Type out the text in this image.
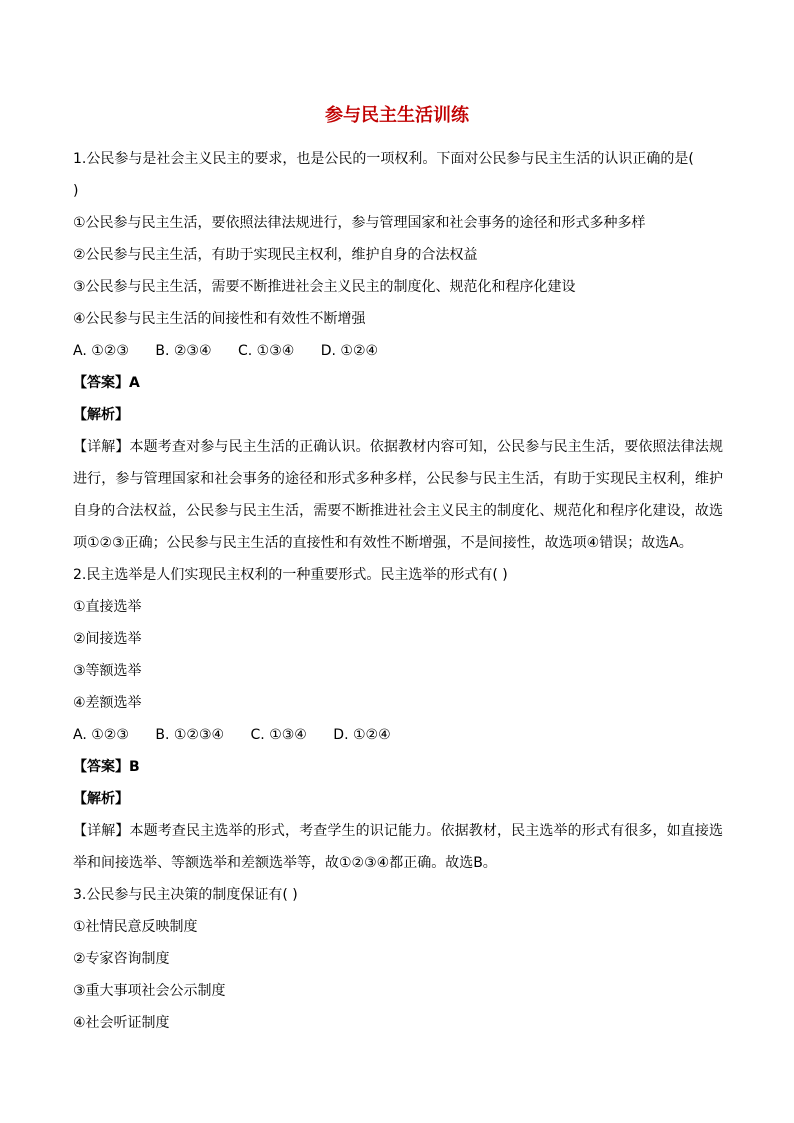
参与民主生活训练
1.公民参与是社会主义民主的要求，也是公民的一项权利。下面对公民参与民主生活的认识正确的是(
)
①公民参与民主生活，要依照法律法规进行，参与管理国家和社会事务的途径和形式多种多样
②公民参与民主生活，有助于实现民主权利，维护自身的合法权益
③公民参与民主生活，需要不断推进社会主义民主的制度化、规范化和程序化建设
④公民参与民主生活的间接性和有效性不断增强
A. ①②③ B. ②③④ C. ①③④ D. ①②④
【答案】A
【解析】
【详解】本题考查对参与民主生活的正确认识。依据教材内容可知，公民参与民主生活，要依照法律法规进行，参与管理国家和社会事务的途径和形式多种多样，公民参与民主生活，有助于实现民主权利，维护自身的合法权益，公民参与民主生活，需要不断推进社会主义民主的制度化、规范化和程序化建设，故选项①②③正确；公民参与民主生活的直接性和有效性不断增强，不是间接性，故选项④错误；故选A。
2.民主选举是人们实现民主权利的一种重要形式。民主选举的形式有( )
①直接选举
②间接选举
③等额选举
④差额选举
A. ①②③ B. ①②③④ C. ①③④ D. ①②④
【答案】B
【解析】
【详解】本题考查民主选举的形式，考查学生的识记能力。依据教材，民主选举的形式有很多，如直接选举和间接选举、等额选举和差额选举等，故①②③④都正确。故选B。
3.公民参与民主决策的制度保证有( )
①社情民意反映制度
②专家咨询制度
③重大事项社会公示制度
④社会听证制度
